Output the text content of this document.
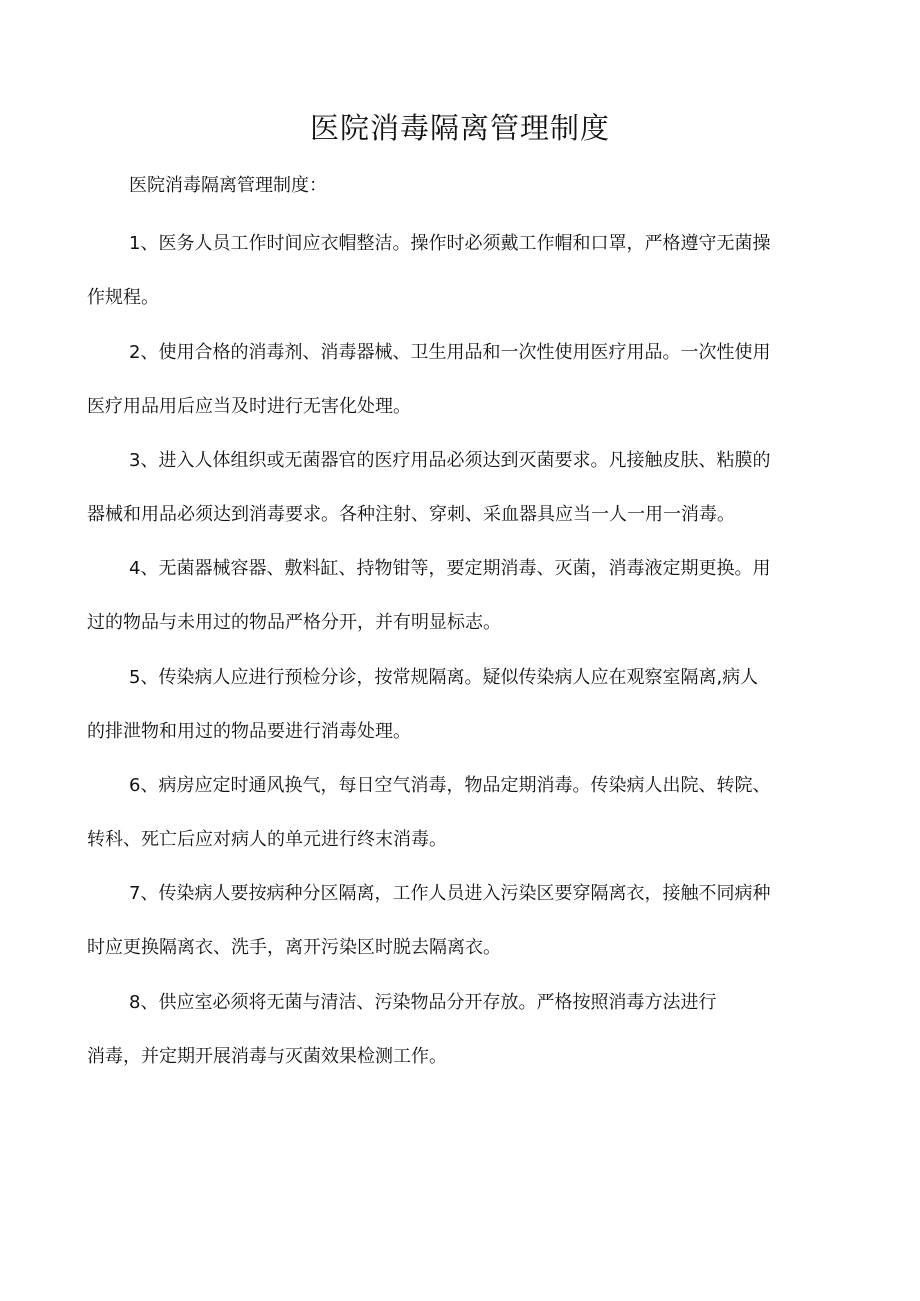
医院消毒隔离管理制度

医院消毒隔离管理制度：

1、医务人员工作时间应衣帽整洁。操作时必须戴工作帽和口罩，严格遵守无菌操
作规程。

2、使用合格的消毒剂、消毒器械、卫生用品和一次性使用医疗用品。一次性使用
医疗用品用后应当及时进行无害化处理。

3、进入人体组织或无菌器官的医疗用品必须达到灭菌要求。凡接触皮肤、粘膜的
器械和用品必须达到消毒要求。各种注射、穿刺、采血器具应当一人一用一消毒。

4、无菌器械容器、敷料缸、持物钳等，要定期消毒、灭菌，消毒液定期更换。用
过的物品与未用过的物品严格分开，并有明显标志。

5、传染病人应进行预检分诊，按常规隔离。疑似传染病人应在观察室隔离,病人
的排泄物和用过的物品要进行消毒处理。

6、病房应定时通风换气，每日空气消毒，物品定期消毒。传染病人出院、转院、
转科、死亡后应对病人的单元进行终末消毒。

7、传染病人要按病种分区隔离，工作人员进入污染区要穿隔离衣，接触不同病种
时应更换隔离衣、洗手，离开污染区时脱去隔离衣。

8、供应室必须将无菌与清洁、污染物品分开存放。严格按照消毒方法进行
消毒，并定期开展消毒与灭菌效果检测工作。
